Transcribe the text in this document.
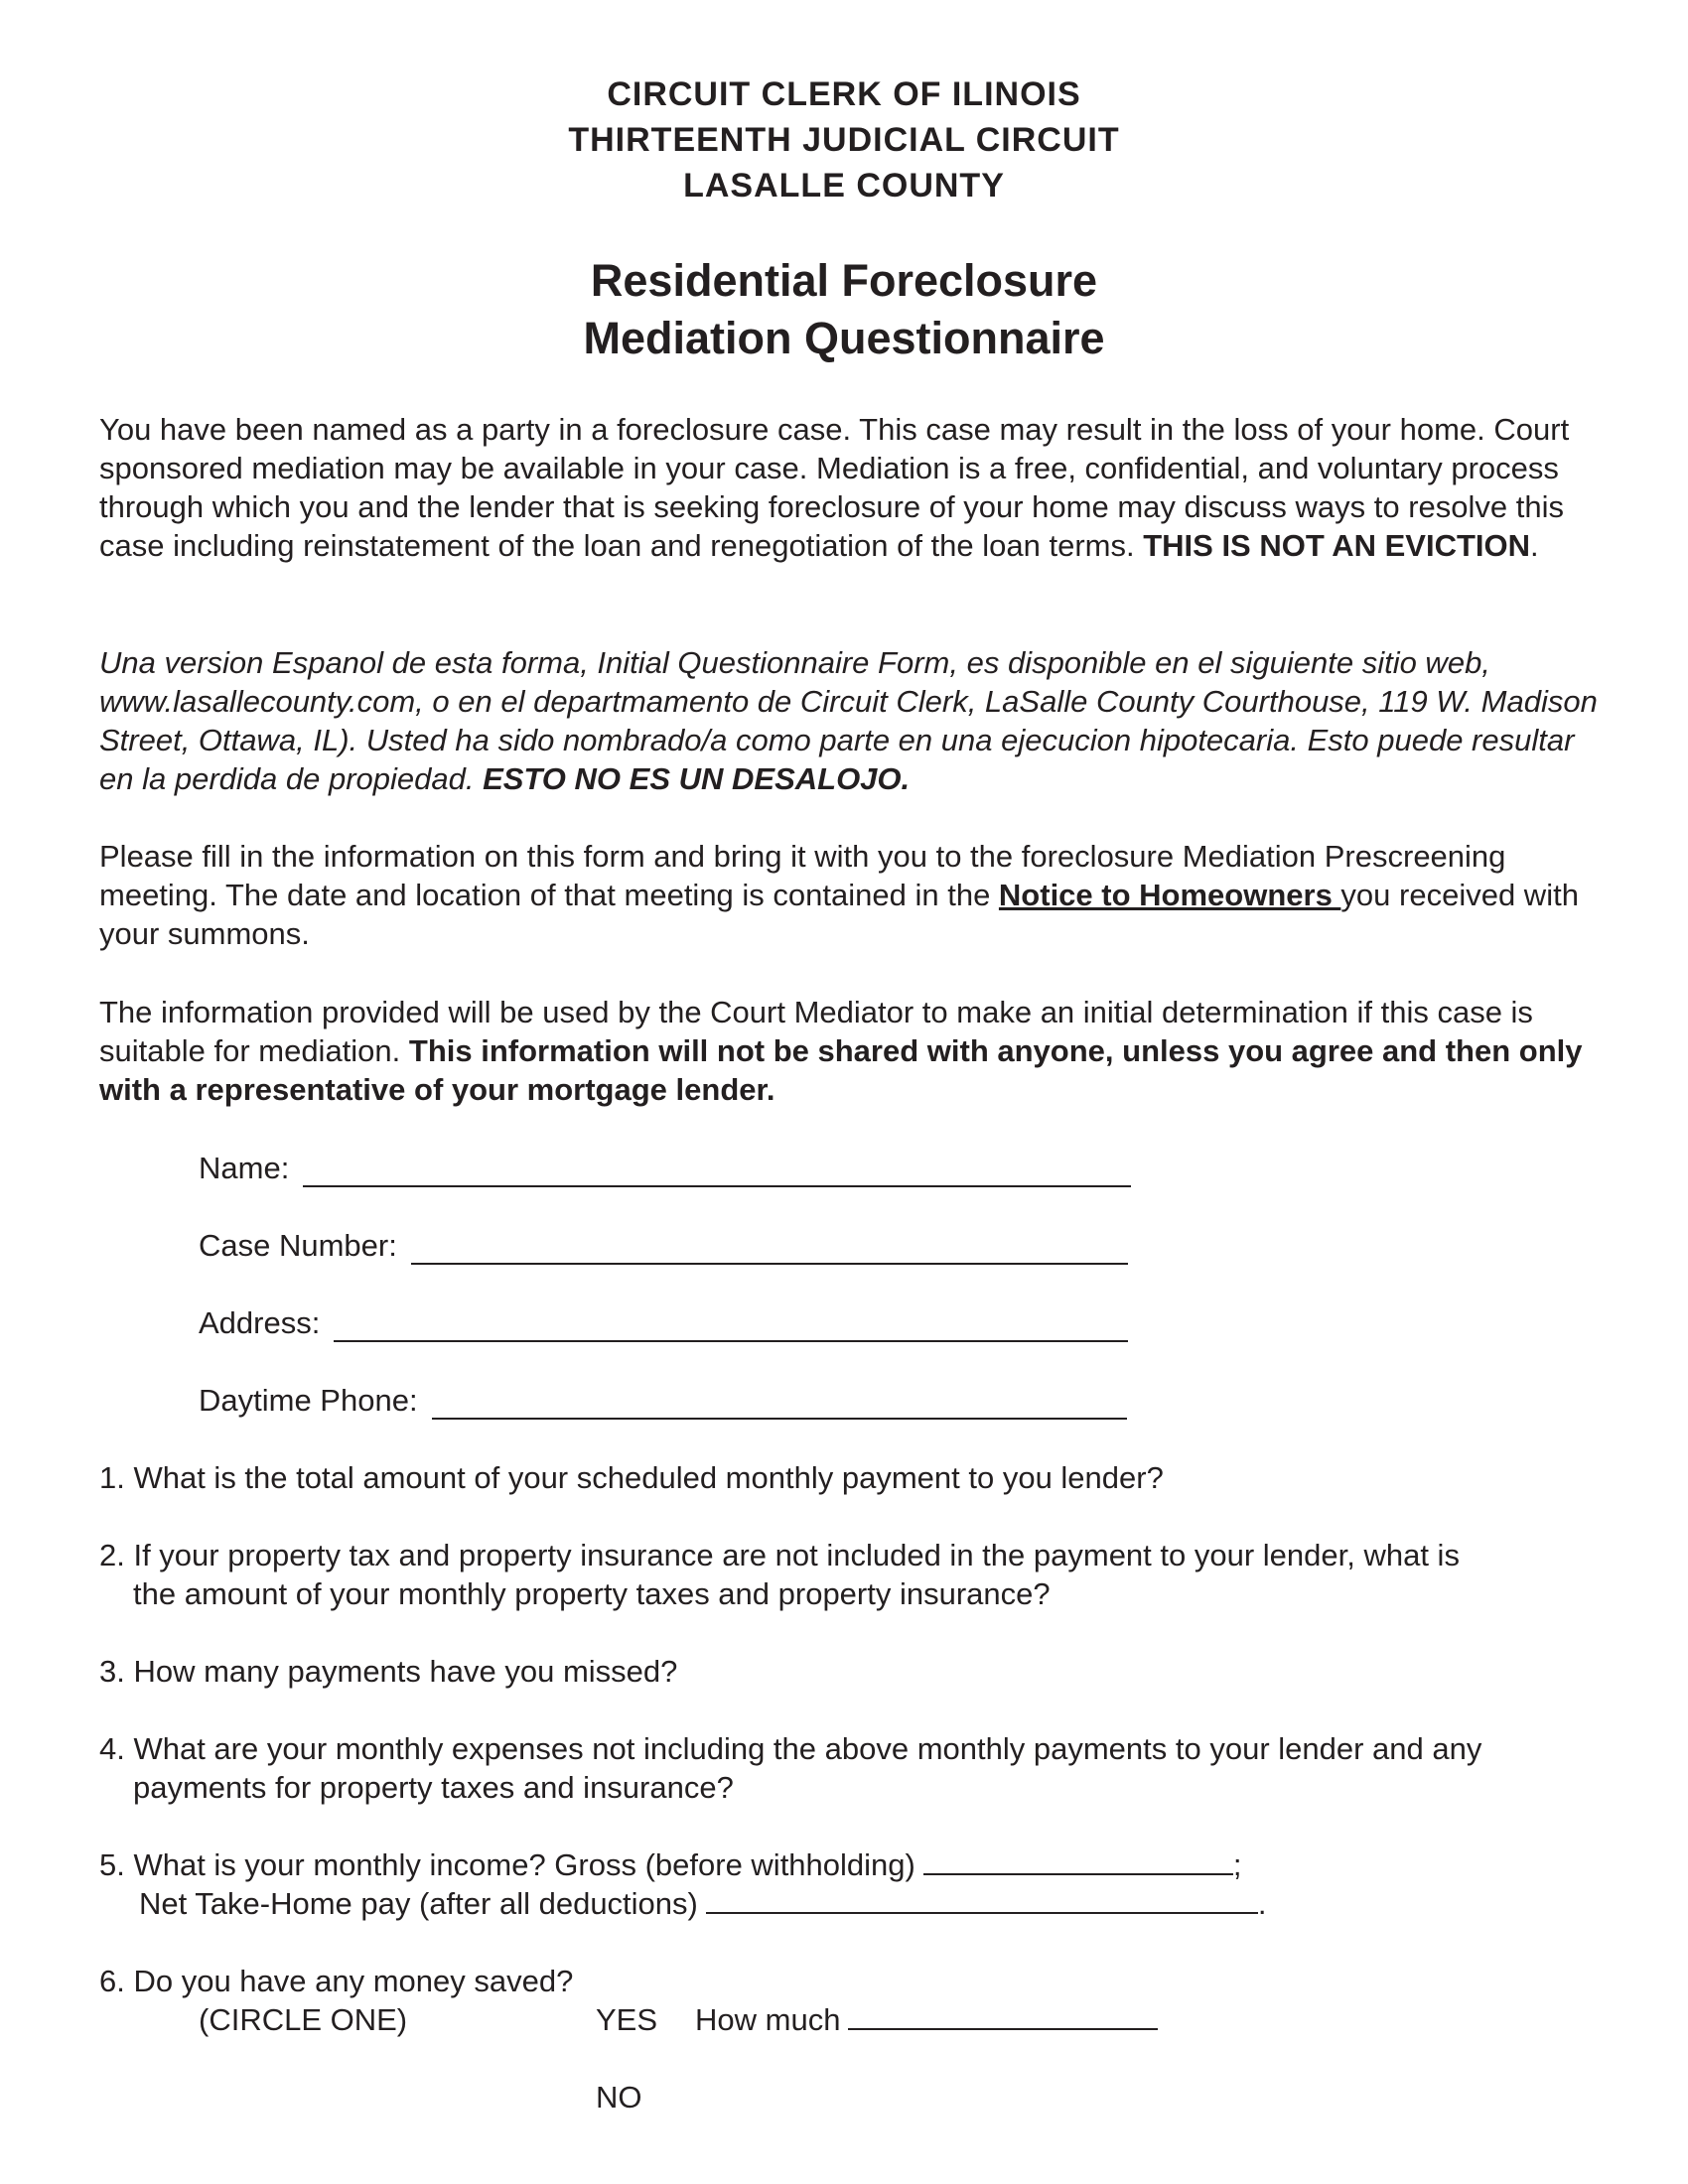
CIRCUIT CLERK OF ILINOIS
THIRTEENTH JUDICIAL CIRCUIT
LASALLE COUNTY
Residential Foreclosure
Mediation Questionnaire
You have been named as a party in a foreclosure case. This case may result in the loss of your home. Court sponsored mediation may be available in your case. Mediation is a free, confidential, and voluntary process through which you and the lender that is seeking foreclosure of your home may discuss ways to resolve this case including reinstatement of the loan and renegotiation of the loan terms. THIS IS NOT AN EVICTION.
Una version Espanol de esta forma, Initial Questionnaire Form, es disponible en el siguiente sitio web, www.lasallecounty.com, o en el departmamento de Circuit Clerk, LaSalle County Courthouse, 119 W. Madison Street, Ottawa, IL). Usted ha sido nombrado/a como parte en una ejecucion hipotecaria. Esto puede resultar en la perdida de propiedad. ESTO NO ES UN DESALOJO.
Please fill in the information on this form and bring it with you to the foreclosure Mediation Prescreening meeting. The date and location of that meeting is contained in the Notice to Homeowners you received with your summons.
The information provided will be used by the Court Mediator to make an initial determination if this case is suitable for mediation. This information will not be shared with anyone, unless you agree and then only with a representative of your mortgage lender.
Name:
Case Number:
Address:
Daytime Phone:
1. What is the total amount of your scheduled monthly payment to you lender?
2. If your property tax and property insurance are not included in the payment to your lender, what is
the amount of your monthly property taxes and property insurance?
3. How many payments have you missed?
4. What are your monthly expenses not including the above monthly payments to your lender and any
payments for property taxes and insurance?
5. What is your monthly income? Gross (before withholding)	;
Net Take-Home pay (after all deductions)	.
6. Do you have any money saved?
(CIRCLE ONE)	YES How much
NO
